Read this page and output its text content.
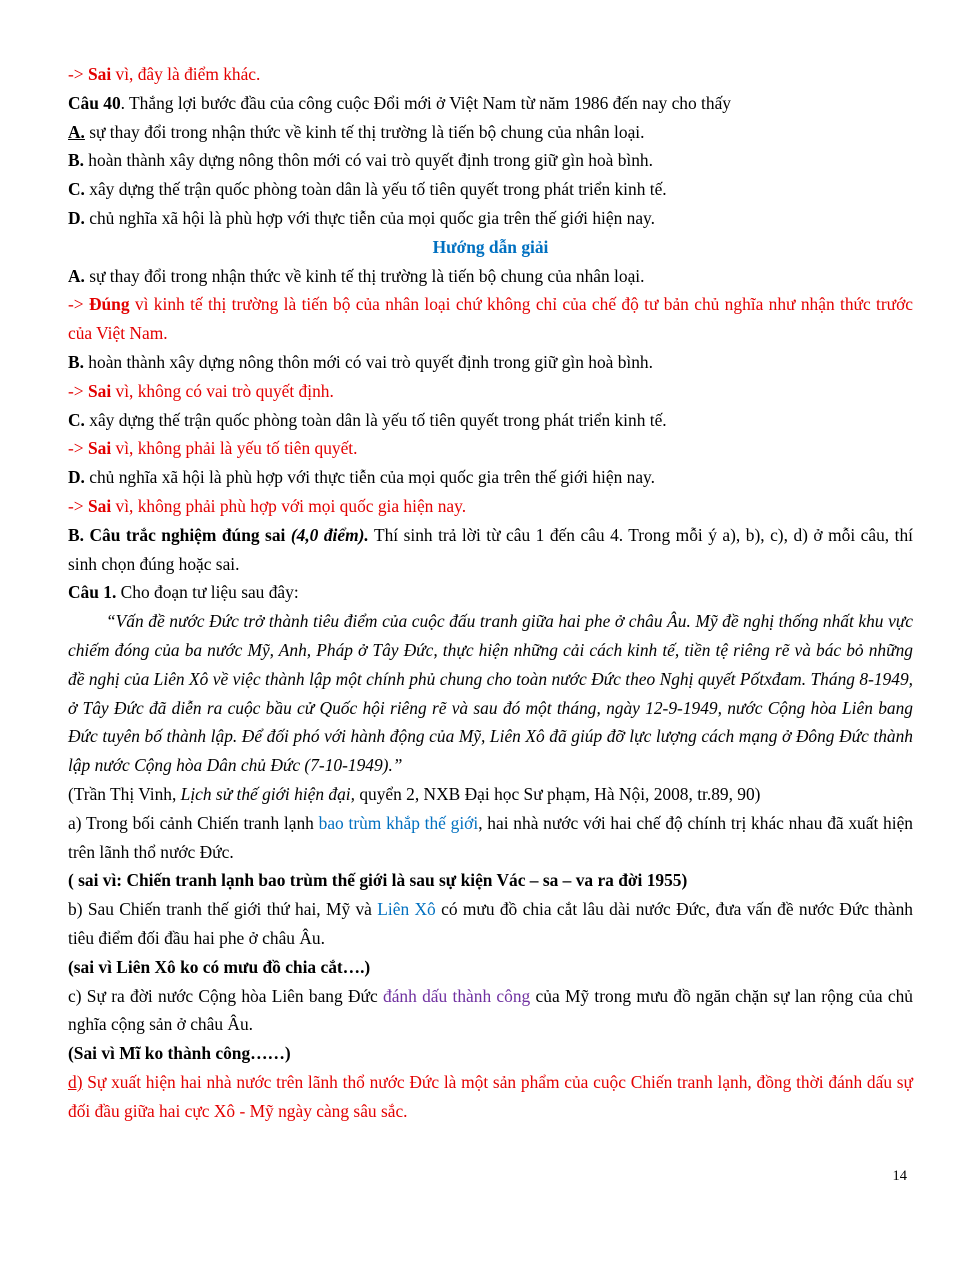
-> Sai vì, đây là điểm khác.

Câu 40. Thắng lợi bước đầu của công cuộc Đổi mới ở Việt Nam từ năm 1986 đến nay cho thấy

A. sự thay đổi trong nhận thức về kinh tế thị trường là tiến bộ chung của nhân loại.

B. hoàn thành xây dựng nông thôn mới có vai trò quyết định trong giữ gìn hoà bình.

C. xây dựng thế trận quốc phòng toàn dân là yếu tố tiên quyết trong phát triển kinh tế.

D. chủ nghĩa xã hội là phù hợp với thực tiễn của mọi quốc gia trên thế giới hiện nay.

Hướng dẫn giải

A. sự thay đổi trong nhận thức về kinh tế thị trường là tiến bộ chung của nhân loại.

-> Đúng vì kinh tế thị trường là tiến bộ của nhân loại chứ không chỉ của chế độ tư bản chủ nghĩa như nhận thức trước của Việt Nam.

B. hoàn thành xây dựng nông thôn mới có vai trò quyết định trong giữ gìn hoà bình.

-> Sai vì, không có vai trò quyết định.

C. xây dựng thế trận quốc phòng toàn dân là yếu tố tiên quyết trong phát triển kinh tế.

-> Sai vì, không phải là yếu tố tiên quyết.

D. chủ nghĩa xã hội là phù hợp với thực tiễn của mọi quốc gia trên thế giới hiện nay.

-> Sai vì, không phải phù hợp với mọi quốc gia hiện nay.

B. Câu trắc nghiệm đúng sai (4,0 điểm). Thí sinh trả lời từ câu 1 đến câu 4. Trong mỗi ý a), b), c), d) ở mỗi câu, thí sinh chọn đúng hoặc sai.

Câu 1. Cho đoạn tư liệu sau đây:

“Vấn đề nước Đức trở thành tiêu điểm của cuộc đấu tranh giữa hai phe ở châu Âu. Mỹ đề nghị thống nhất khu vực chiếm đóng của ba nước Mỹ, Anh, Pháp ở Tây Đức, thực hiện những cải cách kinh tế, tiền tệ riêng rẽ và bác bỏ những đề nghị của Liên Xô về việc thành lập một chính phủ chung cho toàn nước Đức theo Nghị quyết Pốtxđam. Tháng 8-1949, ở Tây Đức đã diễn ra cuộc bầu cử Quốc hội riêng rẽ và sau đó một tháng, ngày 12-9-1949, nước Cộng hòa Liên bang Đức tuyên bố thành lập. Để đối phó với hành động của Mỹ, Liên Xô đã giúp đỡ lực lượng cách mạng ở Đông Đức thành lập nước Cộng hòa Dân chủ Đức (7-10-1949).”

(Trần Thị Vinh, Lịch sử thế giới hiện đại, quyển 2, NXB Đại học Sư phạm, Hà Nội, 2008, tr.89, 90)

a) Trong bối cảnh Chiến tranh lạnh bao trùm khắp thế giới, hai nhà nước với hai chế độ chính trị khác nhau đã xuất hiện trên lãnh thổ nước Đức.

( sai vì: Chiến tranh lạnh bao trùm thế giới là sau sự kiện Vác – sa – va ra đời 1955)

b) Sau Chiến tranh thế giới thứ hai, Mỹ và Liên Xô có mưu đồ chia cắt lâu dài nước Đức, đưa vấn đề nước Đức thành tiêu điểm đối đầu hai phe ở châu Âu.

(sai vì Liên Xô ko có mưu đồ chia cắt….)

c) Sự ra đời nước Cộng hòa Liên bang Đức đánh dấu thành công của Mỹ trong mưu đồ ngăn chặn sự lan rộng của chủ nghĩa cộng sản ở châu Âu.

(Sai vì Mĩ ko thành công……)

d) Sự xuất hiện hai nhà nước trên lãnh thổ nước Đức là một sản phẩm của cuộc Chiến tranh lạnh, đồng thời đánh dấu sự đối đầu giữa hai cực Xô - Mỹ ngày càng sâu sắc.

14
